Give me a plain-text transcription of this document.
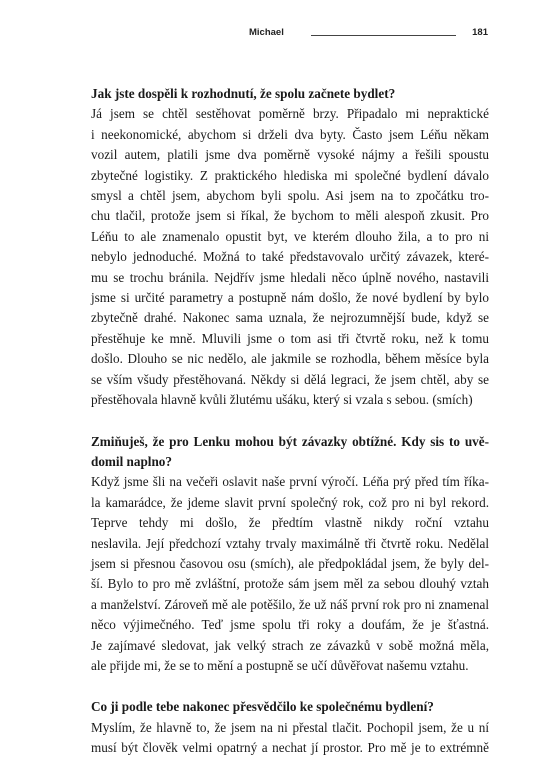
Michael	181
Jak jste dospěli k rozhodnutí, že spolu začnete bydlet?
Já jsem se chtěl sestěhovat poměrně brzy. Připadalo mi nepraktické
i neekonomické, abychom si drželi dva byty. Často jsem Léňu někam
vozil autem, platili jsme dva poměrně vysoké nájmy a řešili spoustu
zbytečné logistiky. Z praktického hlediska mi společné bydlení dávalo
smysl a chtěl jsem, abychom byli spolu. Asi jsem na to zpočátku tro-
chu tlačil, protože jsem si říkal, že bychom to měli alespoň zkusit. Pro
Léňu to ale znamenalo opustit byt, ve kterém dlouho žila, a to pro ni
nebylo jednoduché. Možná to také představovalo určitý závazek, které-
mu se trochu bránila. Nejdřív jsme hledali něco úplně nového, nastavili
jsme si určité parametry a postupně nám došlo, že nové bydlení by bylo
zbytečně drahé. Nakonec sama uznala, že nejrozumnější bude, když se
přestěhuje ke mně. Mluvili jsme o tom asi tři čtvrtě roku, než k tomu
došlo. Dlouho se nic nedělo, ale jakmile se rozhodla, během měsíce byla
se vším všudy přestěhovaná. Někdy si dělá legraci, že jsem chtěl, aby se
přestěhovala hlavně kvůli žlutému ušáku, který si vzala s sebou. (smích)
Zmiňuješ, že pro Lenku mohou být závazky obtížné. Kdy sis to uvě-
domil naplno?
Když jsme šli na večeři oslavit naše první výročí. Léňa prý před tím říka-
la kamarádce, že jdeme slavit první společný rok, což pro ni byl rekord.
Teprve tehdy mi došlo, že předtím vlastně nikdy roční vztahu
neslavila. Její předchozí vztahy trvaly maximálně tři čtvrtě roku. Nedělal
jsem si přesnou časovou osu (smích), ale předpokládal jsem, že byly del-
ší. Bylo to pro mě zvláštní, protože sám jsem měl za sebou dlouhý vztah
a manželství. Zároveň mě ale potěšilo, že už náš první rok pro ni znamenal
něco výjimečného. Teď jsme spolu tři roky a doufám, že je šťastná.
Je zajímavé sledovat, jak velký strach ze závazků v sobě možná měla,
ale přijde mi, že se to mění a postupně se učí důvěřovat našemu vztahu.
Co ji podle tebe nakonec přesvědčilo ke společnému bydlení?
Myslím, že hlavně to, že jsem na ni přestal tlačit. Pochopil jsem, že u ní
musí být člověk velmi opatrný a nechat jí prostor. Pro mě je to extrémně
